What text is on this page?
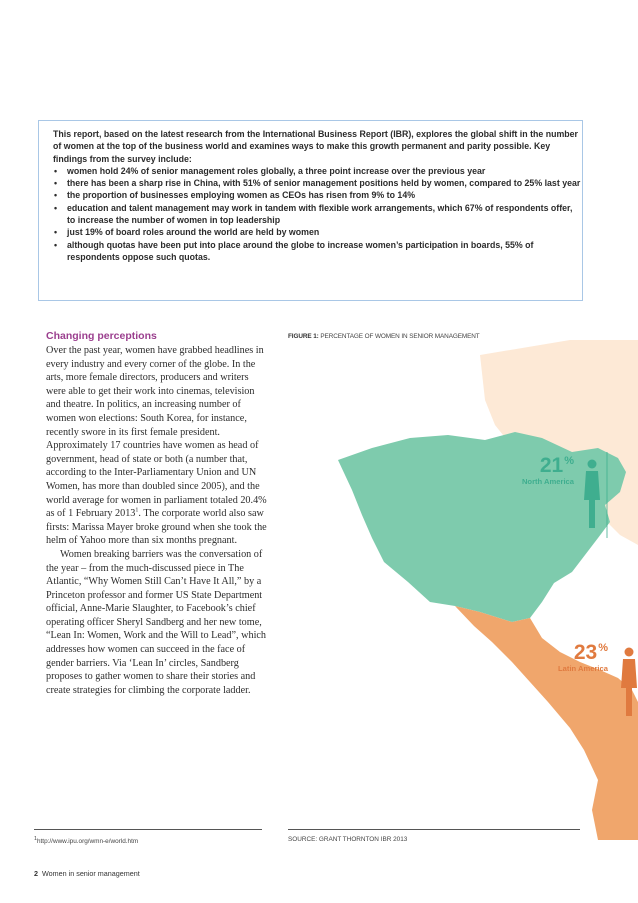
This report, based on the latest research from the International Business Report (IBR), explores the global shift in the number of women at the top of the business world and examines ways to make this growth permanent and parity possible. Key findings from the survey include:

• women hold 24% of senior management roles globally, a three point increase over the previous year
• there has been a sharp rise in China, with 51% of senior management positions held by women, compared to 25% last year
• the proportion of businesses employing women as CEOs has risen from 9% to 14%
• education and talent management may work in tandem with flexible work arrangements, which 67% of respondents offer, to increase the number of women in top leadership
• just 19% of board roles around the world are held by women
• although quotas have been put into place around the globe to increase women’s participation in boards, 55% of respondents oppose such quotas.
Changing perceptions

Over the past year, women have grabbed headlines in every industry and every corner of the globe. In the arts, more female directors, producers and writers were able to get their work into cinemas, television and theatre. In politics, an increasing number of women won elections: South Korea, for instance, recently swore in its first female president. Approximately 17 countries have women as head of government, head of state or both (a number that, according to the Inter-Parliamentary Union and UN Women, has more than doubled since 2005), and the world average for women in parliament totaled 20.4% as of 1 February 2013$^1$. The corporate world also saw firsts: Marissa Mayer broke ground when she took the helm of Yahoo more than six months pregnant.

Women breaking barriers was the conversation of the year – from the much-discussed piece in The Atlantic, “Why Women Still Can’t Have It All,” by a Princeton professor and former US State Department official, Anne-Marie Slaughter, to Facebook’s chief operating officer Sheryl Sandberg and her new tome, “Lean In: Women, Work and the Will to Lead”, which addresses how women can succeed in the face of gender barriers. Via ‘Lean In’ circles, Sandberg proposes to gather women to share their stories and create strategies for climbing the corporate ladder.

FIGURE 1: PERCENTAGE OF WOMEN IN SENIOR MANAGEMENT
21%
North America
23%
Latin America
$^1$http://www.ipu.org/wmn-e/world.htm	SOURCE: GRANT THORNTON IBR 2013
2 Women in senior management
